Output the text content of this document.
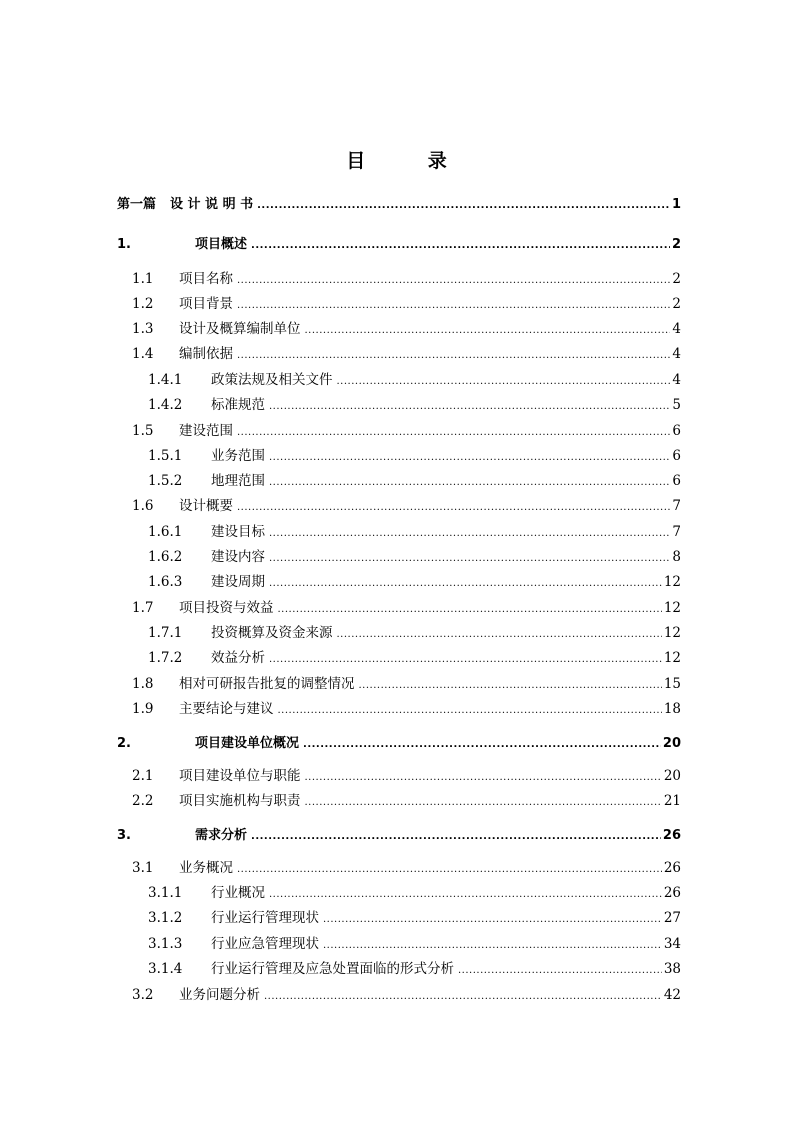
目 录
第一篇	设 计 说 明 书 .....	1
1.	项目概述 .....	2
1.1	项目名称 .....	2
1.2	项目背景 .....	2
1.3	设计及概算编制单位 .....	4
1.4	编制依据 .....	4
1.4.1	政策法规及相关文件 .....	4
1.4.2	标准规范 .....	5
1.5	建设范围 .....	6
1.5.1	业务范围 .....	6
1.5.2	地理范围 .....	6
1.6	设计概要 .....	7
1.6.1	建设目标 .....	7
1.6.2	建设内容 .....	8
1.6.3	建设周期 .....	12
1.7	项目投资与效益 .....	12
1.7.1	投资概算及资金来源 .....	12
1.7.2	效益分析 .....	12
1.8	相对可研报告批复的调整情况 .....	15
1.9	主要结论与建议 .....	18
2.	项目建设单位概况 .....	20
2.1	项目建设单位与职能 .....	20
2.2	项目实施机构与职责 .....	21
3.	需求分析 .....	26
3.1	业务概况 .....	26
3.1.1	行业概况 .....	26
3.1.2	行业运行管理现状 .....	27
3.1.3	行业应急管理现状 .....	34
3.1.4	行业运行管理及应急处置面临的形式分析 .....	38
3.2	业务问题分析 .....	42
